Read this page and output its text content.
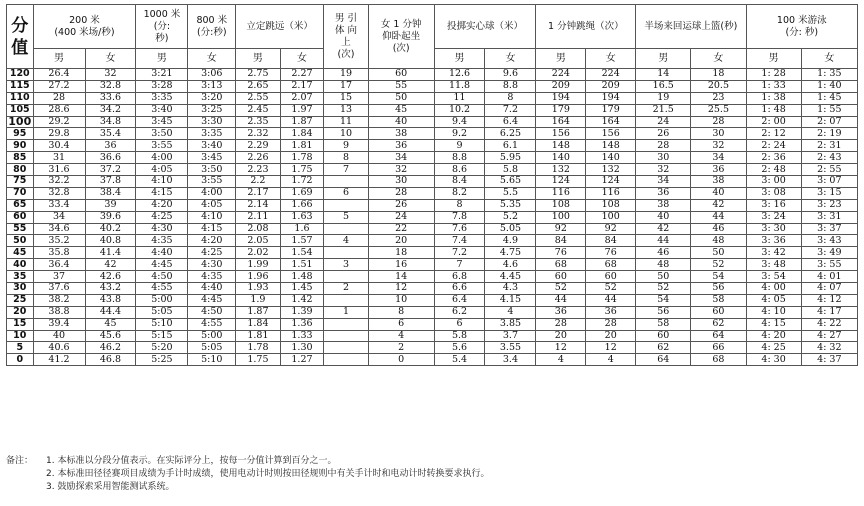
分值	200 米
(400 米场/秒)		1000 米
(分:
秒)	800 米
(分:秒)	立定跳远（米）		男 引
体 向
上
(次)	女 1 分钟
仰卧起坐
(次)	投掷实心球（米）		1 分钟跳绳（次）		半场来回运球上篮(秒)		100 米游泳
(分: 秒)	
	男	女	男	女	男	女			男	女	男	女	男	女	男	女
120	26.4	32	3:21	3:06	2.75	2.27	19	60	12.6	9.6	224	224	14	18	1: 28	1: 35
115	27.2	32.8	3:28	3:13	2.65	2.17	17	55	11.8	8.8	209	209	16.5	20.5	1: 33	1: 40
110	28	33.6	3:35	3:20	2.55	2.07	15	50	11	8	194	194	19	23	1: 38	1: 45
105	28.6	34.2	3:40	3:25	2.45	1.97	13	45	10.2	7.2	179	179	21.5	25.5	1: 48	1: 55
100	29.2	34.8	3:45	3:30	2.35	1.87	11	40	9.4	6.4	164	164	24	28	2: 00	2: 07
95	29.8	35.4	3:50	3:35	2.32	1.84	10	38	9.2	6.25	156	156	26	30	2: 12	2: 19
90	30.4	36	3:55	3:40	2.29	1.81	9	36	9	6.1	148	148	28	32	2: 24	2: 31
85	31	36.6	4:00	3:45	2.26	1.78	8	34	8.8	5.95	140	140	30	34	2: 36	2: 43
80	31.6	37.2	4:05	3:50	2.23	1.75	7	32	8.6	5.8	132	132	32	36	2: 48	2: 55
75	32.2	37.8	4:10	3:55	2.2	1.72		30	8.4	5.65	124	124	34	38	3: 00	3: 07
70	32.8	38.4	4:15	4:00	2.17	1.69	6	28	8.2	5.5	116	116	36	40	3: 08	3: 15
65	33.4	39	4:20	4:05	2.14	1.66		26	8	5.35	108	108	38	42	3: 16	3: 23
60	34	39.6	4:25	4:10	2.11	1.63	5	24	7.8	5.2	100	100	40	44	3: 24	3: 31
55	34.6	40.2	4:30	4:15	2.08	1.6		22	7.6	5.05	92	92	42	46	3: 30	3: 37
50	35.2	40.8	4:35	4:20	2.05	1.57	4	20	7.4	4.9	84	84	44	48	3: 36	3: 43
45	35.8	41.4	4:40	4:25	2.02	1.54		18	7.2	4.75	76	76	46	50	3: 42	3: 49
40	36.4	42	4:45	4:30	1.99	1.51	3	16	7	4.6	68	68	48	52	3: 48	3: 55
35	37	42.6	4:50	4:35	1.96	1.48		14	6.8	4.45	60	60	50	54	3: 54	4: 01
30	37.6	43.2	4:55	4:40	1.93	1.45	2	12	6.6	4.3	52	52	52	56	4: 00	4: 07
25	38.2	43.8	5:00	4:45	1.9	1.42		10	6.4	4.15	44	44	54	58	4: 05	4: 12
20	38.8	44.4	5:05	4:50	1.87	1.39	1	8	6.2	4	36	36	56	60	4: 10	4: 17
15	39.4	45	5:10	4:55	1.84	1.36		6	6	3.85	28	28	58	62	4: 15	4: 22
10	40	45.6	5:15	5:00	1.81	1.33		4	5.8	3.7	20	20	60	64	4: 20	4: 27
5	40.6	46.2	5:20	5:05	1.78	1.30		2	5.6	3.55	12	12	62	66	4: 25	4: 32
0	41.2	46.8	5:25	5:10	1.75	1.27		0	5.4	3.4	4	4	64	68	4: 30	4: 37
备注：	1. 本标准以分段分值表示。在实际评分上，按每一分值计算到百分之一。
2. 本标准田径径赛项目成绩为手计时成绩，使用电动计时则按田径规则中有关手计时和电动计时转换要求执行。
3. 鼓励探索采用智能测试系统。
